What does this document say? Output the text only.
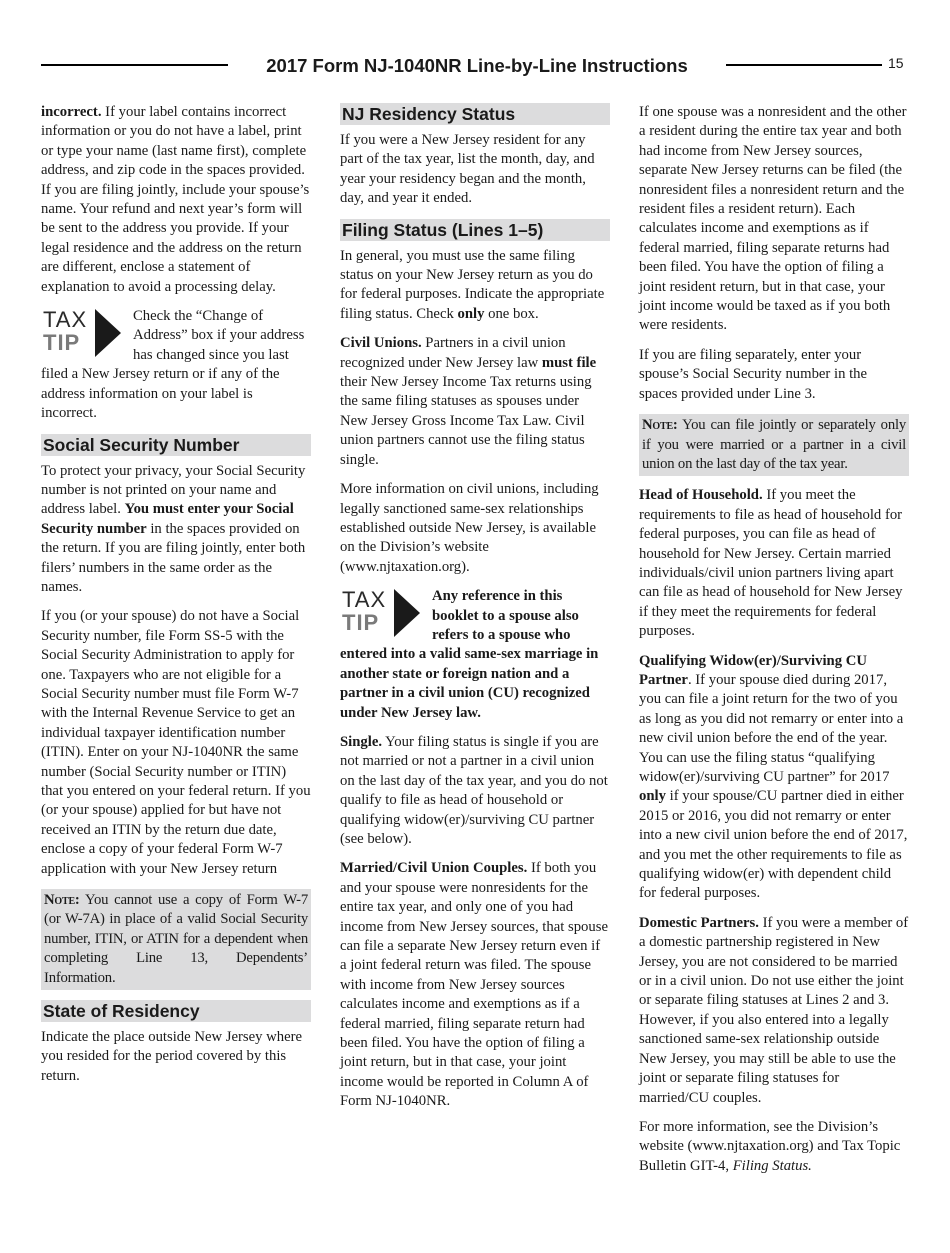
2017 Form NJ-1040NR Line-by-Line Instructions	15

incorrect. If your label contains incorrect information or you do not have a label, print or type your name (last name first), complete address, and zip code in the spaces provided. If you are filing jointly, include your spouse’s name. Your refund and next year’s form will be sent to the address you provide. If your legal residence and the address on the return are different, enclose a statement of explanation to avoid a processing delay.

TAX
TIP
Check the “Change of Address” box if your address has changed since you last filed a New Jersey return or if any of the address information on your label is incorrect.
Social Security Number

To protect your privacy, your Social Security number is not printed on your name and address label. You must enter your Social Security number in the spaces provided on the return. If you are filing jointly, enter both filers’ numbers in the same order as the names.

If you (or your spouse) do not have a Social Security number, file Form SS-5 with the Social Security Administration to apply for one. Taxpayers who are not eligible for a Social Security number must file Form W-7 with the Internal Revenue Service to get an individual taxpayer identification number (ITIN). Enter on your NJ-1040NR the same number (Social Security number or ITIN) that you entered on your federal return. If you (or your spouse) applied for but have not received an ITIN by the return due date, enclose a copy of your federal Form W-7 application with your New Jersey return

Note: You cannot use a copy of Form W-7 (or W-7A) in place of a valid Social Security number, ITIN, or ATIN for a dependent when completing Line 13, Dependents’ Information.
State of Residency

Indicate the place outside New Jersey where you resided for the period covered by this return.

NJ Residency Status

If you were a New Jersey resident for any part of the tax year, list the month, day, and year your residency began and the month, day, and year it ended.

Filing Status (Lines 1–5)

In general, you must use the same filing status on your New Jersey return as you do for federal purposes. Indicate the appropriate filing status. Check only one box.

Civil Unions. Partners in a civil union recognized under New Jersey law must file their New Jersey Income Tax returns using the same filing statuses as spouses under New Jersey Gross Income Tax Law. Civil union partners cannot use the filing status single.

More information on civil unions, including legally sanctioned same-sex relationships established outside New Jersey, is available on the Division’s website (www.njtaxation.org).

TAX
TIP
Any reference in this booklet to a spouse also refers to a spouse who entered into a valid same-sex marriage in another state or foreign nation and a partner in a civil union (CU) recognized under New Jersey law.

Single. Your filing status is single if you are not married or not a partner in a civil union on the last day of the tax year, and you do not qualify to file as head of household or qualifying widow(er)/surviving CU partner (see below).

Married/Civil Union Couples. If both you and your spouse were nonresidents for the entire tax year, and only one of you had income from New Jersey sources, that spouse can file a separate New Jersey return even if a joint federal return was filed. The spouse with income from New Jersey sources calculates income and exemptions as if a federal married, filing separate return had been filed. You have the option of filing a joint return, but in that case, your joint income would be reported in Column A of Form NJ-1040NR.

If one spouse was a nonresident and the other a resident during the entire tax year and both had income from New Jersey sources, separate New Jersey returns can be filed (the nonresident files a nonresident return and the resident files a resident return). Each calculates income and exemptions as if federal married, filing separate returns had been filed. You have the option of filing a joint resident return, but in that case, your joint income would be taxed as if you both were residents.

If you are filing separately, enter your spouse’s Social Security number in the spaces provided under Line 3.

Note: You can file jointly or separately only if you were married or a partner in a civil union on the last day of the tax year.

Head of Household. If you meet the requirements to file as head of household for federal purposes, you can file as head of household for New Jersey. Certain married individuals/civil union partners living apart can file as head of household for New Jersey if they meet the requirements for federal purposes.

Qualifying Widow(er)/Surviving CU Partner. If your spouse died during 2017, you can file a joint return for the two of you as long as you did not remarry or enter into a new civil union before the end of the year. You can use the filing status “qualifying widow(er)/surviving CU partner” for 2017 only if your spouse/CU partner died in either 2015 or 2016, you did not remarry or enter into a new civil union before the end of 2017, and you met the other requirements to file as qualifying widow(er) with dependent child for federal purposes.

Domestic Partners. If you were a member of a domestic partnership registered in New Jersey, you are not considered to be married or in a civil union. Do not use either the joint or separate filing statuses at Lines 2 and 3. However, if you also entered into a legally sanctioned same-sex relationship outside New Jersey, you may still be able to use the joint or separate filing statuses for married/CU couples.

For more information, see the Division’s website (www.njtaxation.org) and Tax Topic Bulletin GIT-4, Filing Status.
